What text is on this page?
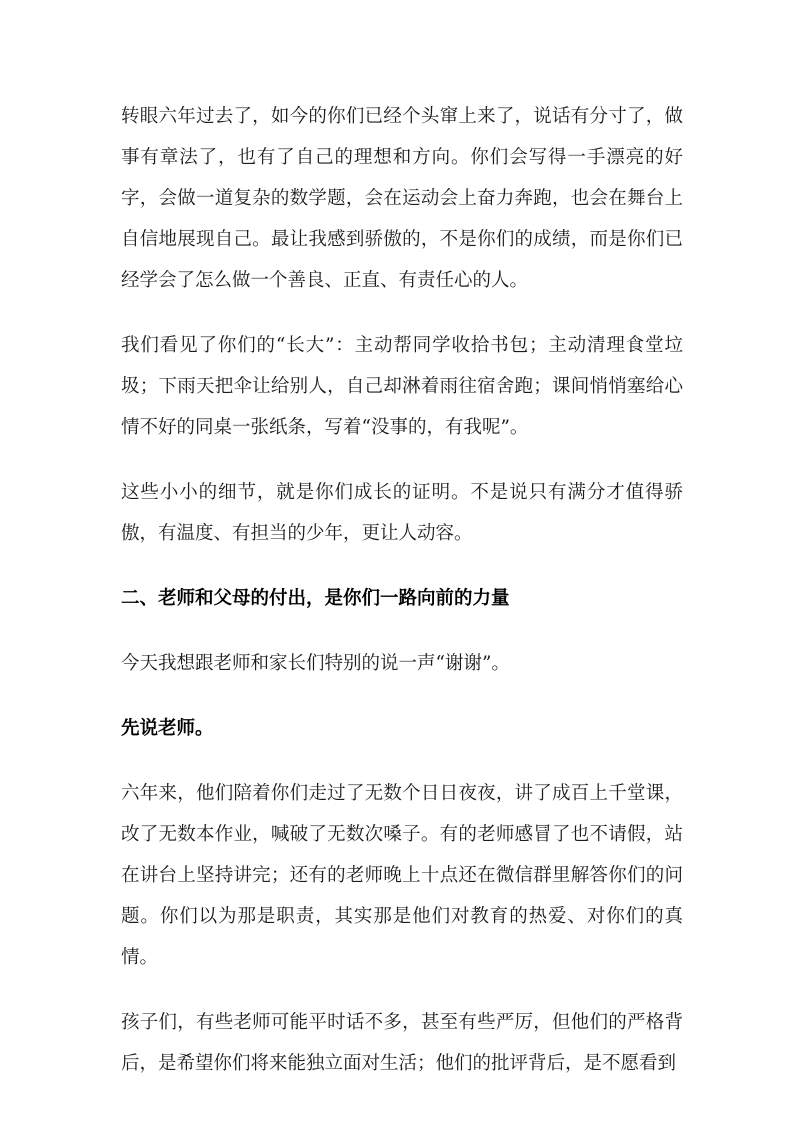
转眼六年过去了，如今的你们已经个头窜上来了，说话有分寸了，做事有章法了，也有了自己的理想和方向。你们会写得一手漂亮的好字，会做一道复杂的数学题，会在运动会上奋力奔跑，也会在舞台上自信地展现自己。最让我感到骄傲的，不是你们的成绩，而是你们已经学会了怎么做一个善良、正直、有责任心的人。

我们看见了你们的“长大”：主动帮同学收拾书包；主动清理食堂垃圾；下雨天把伞让给别人，自己却淋着雨往宿舍跑；课间悄悄塞给心情不好的同桌一张纸条，写着“没事的，有我呢”。

这些小小的细节，就是你们成长的证明。不是说只有满分才值得骄傲，有温度、有担当的少年，更让人动容。

二、老师和父母的付出，是你们一路向前的力量

今天我想跟老师和家长们特别的说一声“谢谢”。

先说老师。

六年来，他们陪着你们走过了无数个日日夜夜，讲了成百上千堂课，改了无数本作业，喊破了无数次嗓子。有的老师感冒了也不请假，站在讲台上坚持讲完；还有的老师晚上十点还在微信群里解答你们的问题。你们以为那是职责，其实那是他们对教育的热爱、对你们的真情。

孩子们，有些老师可能平时话不多，甚至有些严厉，但他们的严格背后，是希望你们将来能独立面对生活；他们的批评背后，是不愿看到
